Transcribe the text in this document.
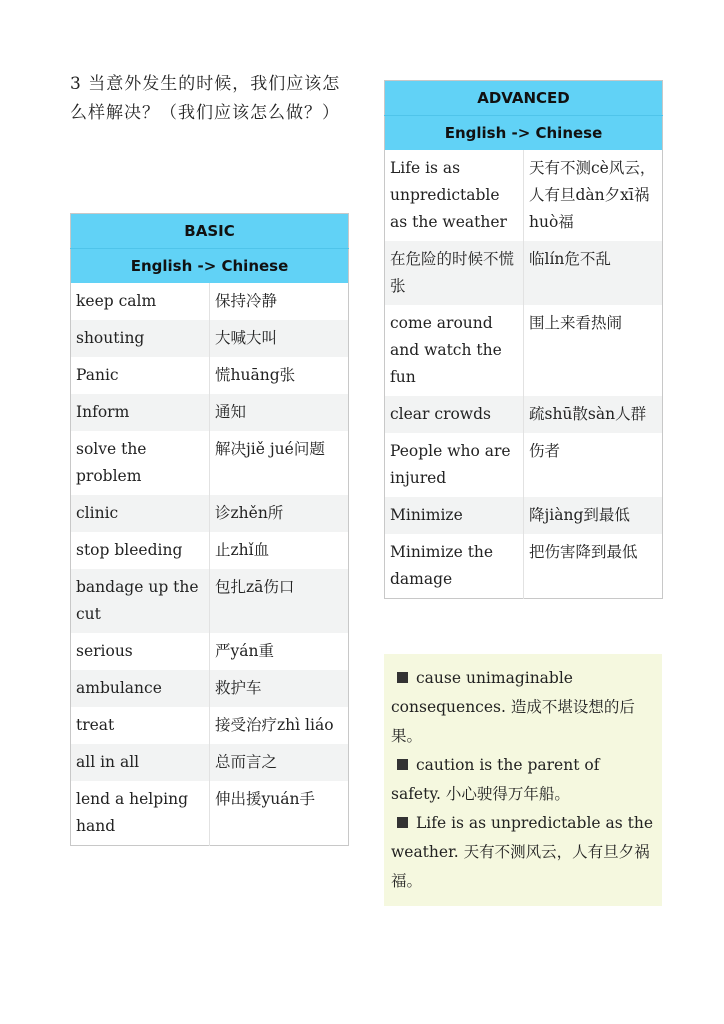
3 当意外发生的时候，我们应该怎么样解决？（我们应该怎么做？）
BASIC	
English -> Chinese	
keep calm	保持冷静
shouting	大喊大叫
Panic	慌huāng张
Inform	通知
solve the problem	解决jiě jué问题
clinic	诊zhěn所
stop bleeding	止zhǐ血
bandage up the cut	包扎zā伤口
serious	严yán重
ambulance	救护车
treat	接受治疗zhì liáo
all in all	总而言之
lend a helping hand	伸出援yuán手
ADVANCED	
English -> Chinese	
Life is as unpredictable as the weather	天有不测cè风云，人有旦dàn夕xī祸huò福
在危险的时候不慌张	临lín危不乱
come around and watch the fun	围上来看热闹
clear crowds	疏shū散sàn人群
People who are injured	伤者
Minimize	降jiàng到最低
Minimize the damage	把伤害降到最低

cause unimaginable consequences. 造成不堪设想的后果。

caution is the parent of safety. 小心驶得万年船。

Life is as unpredictable as the weather. 天有不测风云，人有旦夕祸福。
